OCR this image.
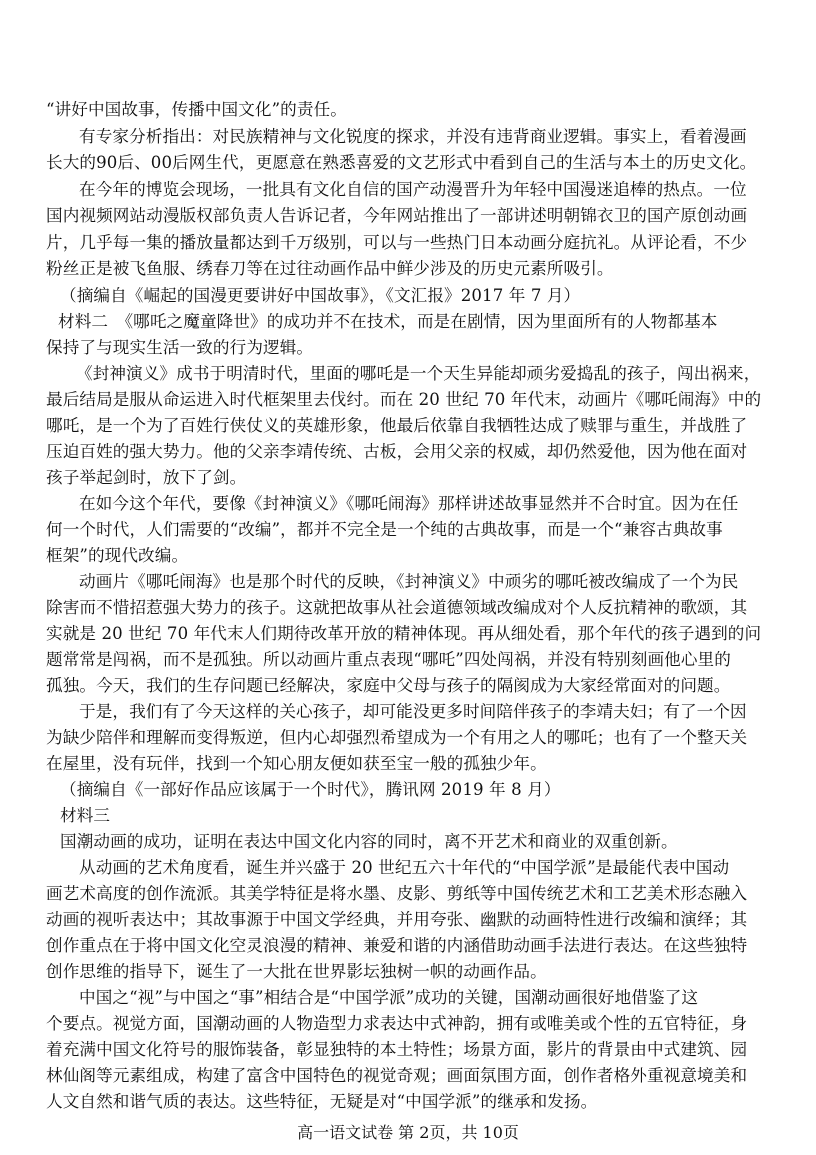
“讲好中国故事，传播中国文化”的责任。
有专家分析指出：对民族精神与文化锐度的探求，并没有违背商业逻辑。事实上，看着漫画
长大的90后、00后网生代，更愿意在熟悉喜爱的文艺形式中看到自己的生活与本土的历史文化。
在今年的博览会现场，一批具有文化自信的国产动漫晋升为年轻中国漫迷追棒的热点。一位
国内视频网站动漫版权部负责人告诉记者，今年网站推出了一部讲述明朝锦衣卫的国产原创动画
片，几乎每一集的播放量都达到千万级别，可以与一些热门日本动画分庭抗礼。从评论看，不少
粉丝正是被飞鱼服、绣春刀等在过往动画作品中鲜少涉及的历史元素所吸引。
（摘编自《崛起的国漫更要讲好中国故事》，《文汇报》2017 年 7 月）
材料二　《哪吒之魔童降世》的成功并不在技术，而是在剧情，因为里面所有的人物都基本
保持了与现实生活一致的行为逻辑。
《封神演义》成书于明清时代，里面的哪吒是一个天生异能却顽劣爱捣乱的孩子，闯出祸来，
最后结局是服从命运进入时代框架里去伐纣。而在 20 世纪 70 年代末，动画片《哪吒闹海》中的
哪吒，是一个为了百姓行侠仗义的英雄形象，他最后依靠自我牺牲达成了赎罪与重生，并战胜了
压迫百姓的强大势力。他的父亲李靖传统、古板，会用父亲的权威，却仍然爱他，因为他在面对
孩子举起剑时，放下了剑。
在如今这个年代，要像《封神演义》《哪吒闹海》那样讲述故事显然并不合时宜。因为在任
何一个时代，人们需要的“改编”，都并不完全是一个纯的古典故事，而是一个“兼容古典故事
框架”的现代改编。
动画片《哪吒闹海》也是那个时代的反映，《封神演义》中顽劣的哪吒被改编成了一个为民
除害而不惜招惹强大势力的孩子。这就把故事从社会道德领域改编成对个人反抗精神的歌颂，其
实就是 20 世纪 70 年代末人们期待改革开放的精神体现。再从细处看，那个年代的孩子遇到的问
题常常是闯祸，而不是孤独。所以动画片重点表现“哪吒”四处闯祸，并没有特别刻画他心里的
孤独。今天，我们的生存问题已经解决，家庭中父母与孩子的隔阂成为大家经常面对的问题。
于是，我们有了今天这样的关心孩子，却可能没更多时间陪伴孩子的李靖夫妇；有了一个因
为缺少陪伴和理解而变得叛逆，但内心却强烈希望成为一个有用之人的哪吒；也有了一个整天关
在屋里，没有玩伴，找到一个知心朋友便如获至宝一般的孤独少年。
（摘编自《一部好作品应该属于一个时代》，腾讯网 2019 年 8 月）
材料三
国潮动画的成功，证明在表达中国文化内容的同时，离不开艺术和商业的双重创新。
从动画的艺术角度看，诞生并兴盛于 20 世纪五六十年代的“中国学派”是最能代表中国动
画艺术高度的创作流派。其美学特征是将水墨、皮影、剪纸等中国传统艺术和工艺美术形态融入
动画的视听表达中；其故事源于中国文学经典，并用夸张、幽默的动画特性进行改编和演绎；其
创作重点在于将中国文化空灵浪漫的精神、兼爱和谐的内涵借助动画手法进行表达。在这些独特
创作思维的指导下，诞生了一大批在世界影坛独树一帜的动画作品。
中国之“视”与中国之“事”相结合是“中国学派”成功的关键，国潮动画很好地借鉴了这
个要点。视觉方面，国潮动画的人物造型力求表达中式神韵，拥有或唯美或个性的五官特征，身
着充满中国文化符号的服饰装备，彰显独特的本土特性；场景方面，影片的背景由中式建筑、园
林仙阁等元素组成，构建了富含中国特色的视觉奇观；画面氛围方面，创作者格外重视意境美和
人文自然和谐气质的表达。这些特征，无疑是对“中国学派”的继承和发扬。
高一语文试卷 第 2页，共 10页
